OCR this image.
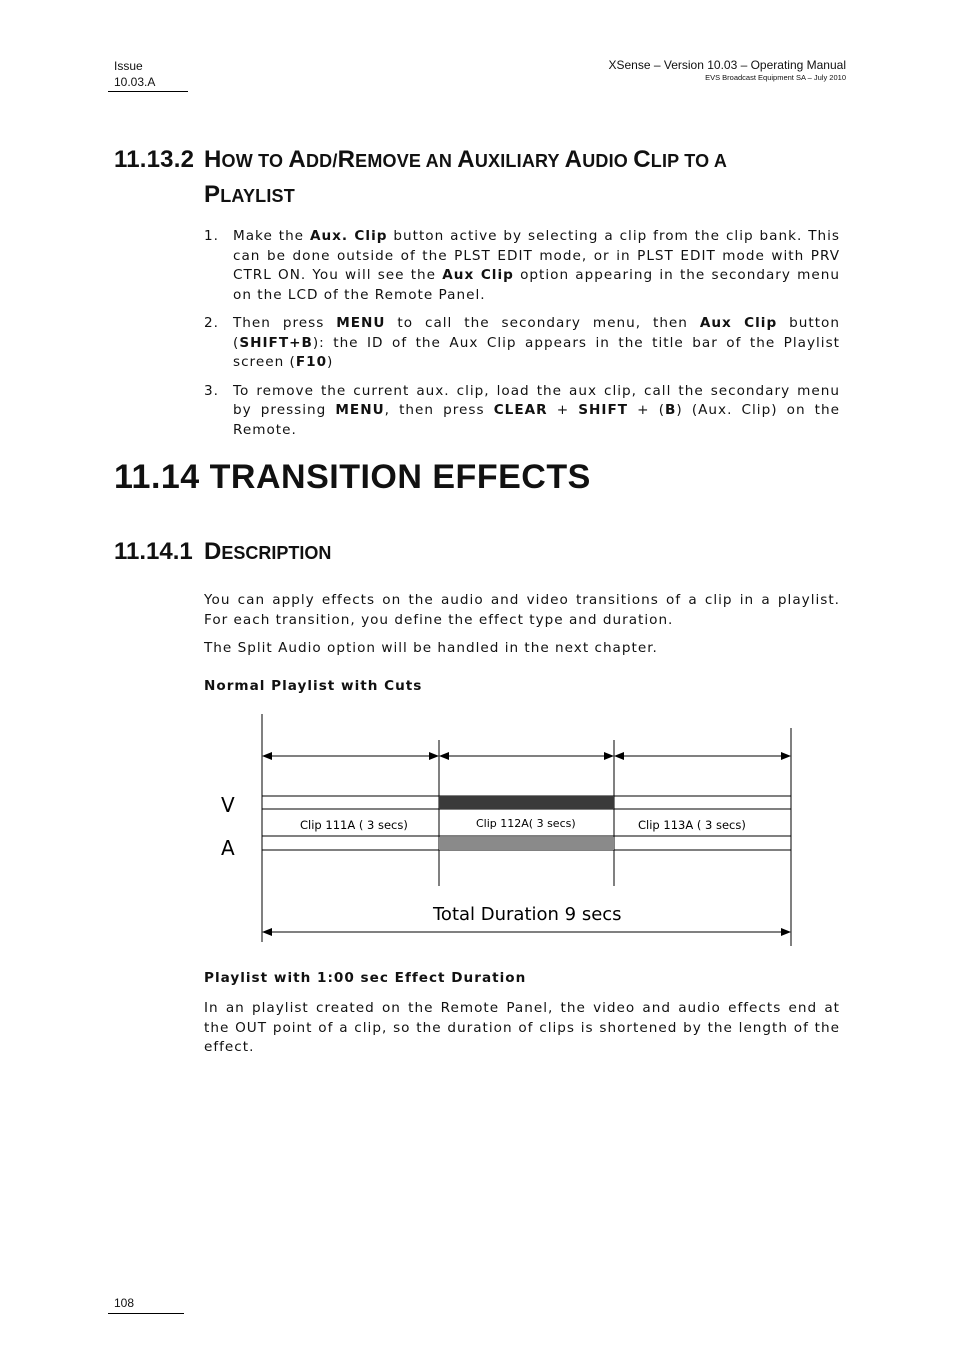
Issue
10.03.A
XSense – Version 10.03 – Operating Manual
EVS Broadcast Equipment SA – July 2010
11.13.2 HOW TO ADD/REMOVE AN AUXILIARY AUDIO CLIP TO A
PLAYLIST
1. Make the Aux. Clip button active by selecting a clip from the clip bank. This can be done outside of the PLST EDIT mode, or in PLST EDIT mode with PRV CTRL ON. You will see the Aux Clip option appearing in the secondary menu on the LCD of the Remote Panel.
2. Then press MENU to call the secondary menu, then Aux Clip button (SHIFT+B): the ID of the Aux Clip appears in the title bar of the Playlist screen (F10)
3. To remove the current aux. clip, load the aux clip, call the secondary menu by pressing MENU, then press CLEAR + SHIFT + (B) (Aux. Clip) on the Remote.
11.14 TRANSITION EFFECTS
11.14.1 DESCRIPTION
You can apply effects on the audio and video transitions of a clip in a playlist. For each transition, you define the effect type and duration.
The Split Audio option will be handled in the next chapter.
Normal Playlist with Cuts
V
A
Clip 111A ( 3 secs)	Clip 112A( 3 secs)	Clip 113A ( 3 secs)
Total Duration 9 secs
Playlist with 1:00 sec Effect Duration
In an playlist created on the Remote Panel, the video and audio effects end at the OUT point of a clip, so the duration of clips is shortened by the length of the effect.
108
